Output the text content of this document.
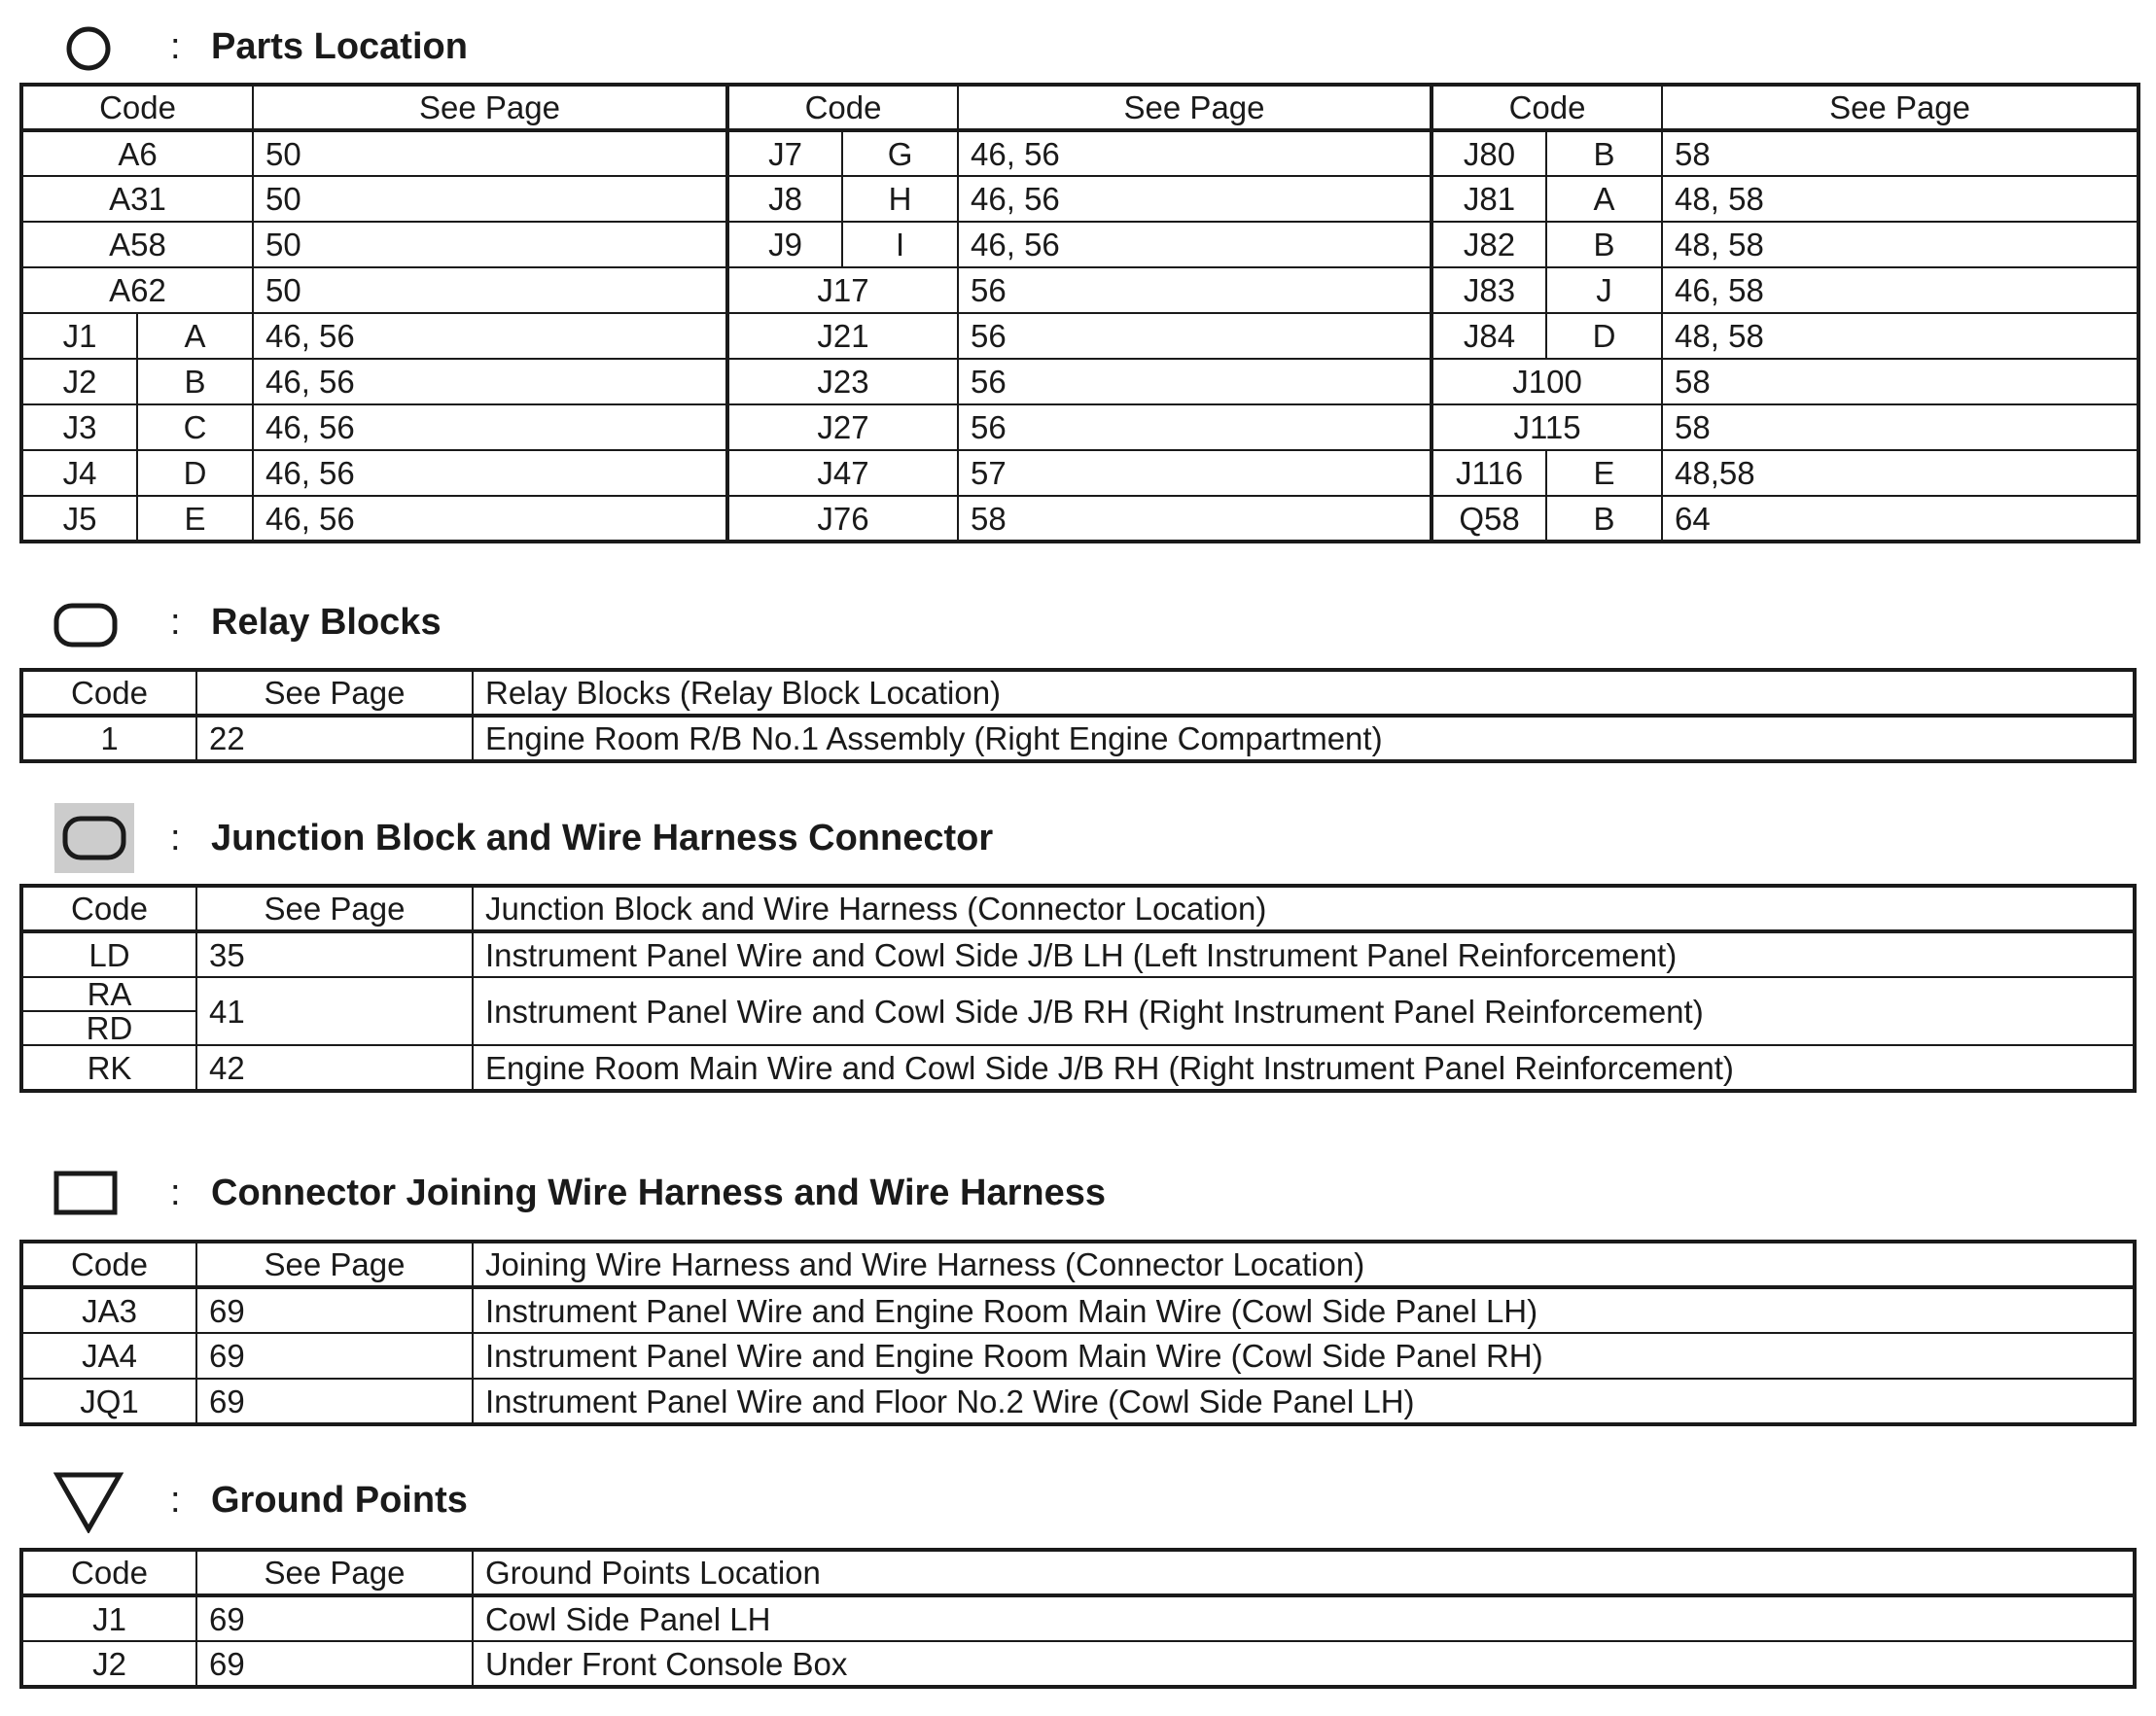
: Parts Location
Code		See Page	Code		See Page	Code		See Page
A6		50	J7	G	46, 56	J80	B	58
A31		50	J8	H	46, 56	J81	A	48, 58
A58		50	J9	I	46, 56	J82	B	48, 58
A62		50	J17		56	J83	J	46, 58
J1	A	46, 56	J21		56	J84	D	48, 58
J2	B	46, 56	J23		56	J100		58
J3	C	46, 56	J27		56	J115		58
J4	D	46, 56	J47		57	J116	E	48,58
J5	E	46, 56	J76		58	Q58	B	64
: Relay Blocks
Code	See Page	Relay Blocks (Relay Block Location)
1	22	Engine Room R/B No.1 Assembly (Right Engine Compartment)
: Junction Block and Wire Harness Connector
Code	See Page	Junction Block and Wire Harness (Connector Location)
LD	35	Instrument Panel Wire and Cowl Side J/B LH (Left Instrument Panel Reinforcement)
RA	41	Instrument Panel Wire and Cowl Side J/B RH (Right Instrument Panel Reinforcement)
RD		
RK	42	Engine Room Main Wire and Cowl Side J/B RH (Right Instrument Panel Reinforcement)
: Connector Joining Wire Harness and Wire Harness
Code	See Page	Joining Wire Harness and Wire Harness (Connector Location)
JA3	69	Instrument Panel Wire and Engine Room Main Wire (Cowl Side Panel LH)
JA4	69	Instrument Panel Wire and Engine Room Main Wire (Cowl Side Panel RH)
JQ1	69	Instrument Panel Wire and Floor No.2 Wire (Cowl Side Panel LH)
: Ground Points
Code	See Page	Ground Points Location
J1	69	Cowl Side Panel LH
J2	69	Under Front Console Box
